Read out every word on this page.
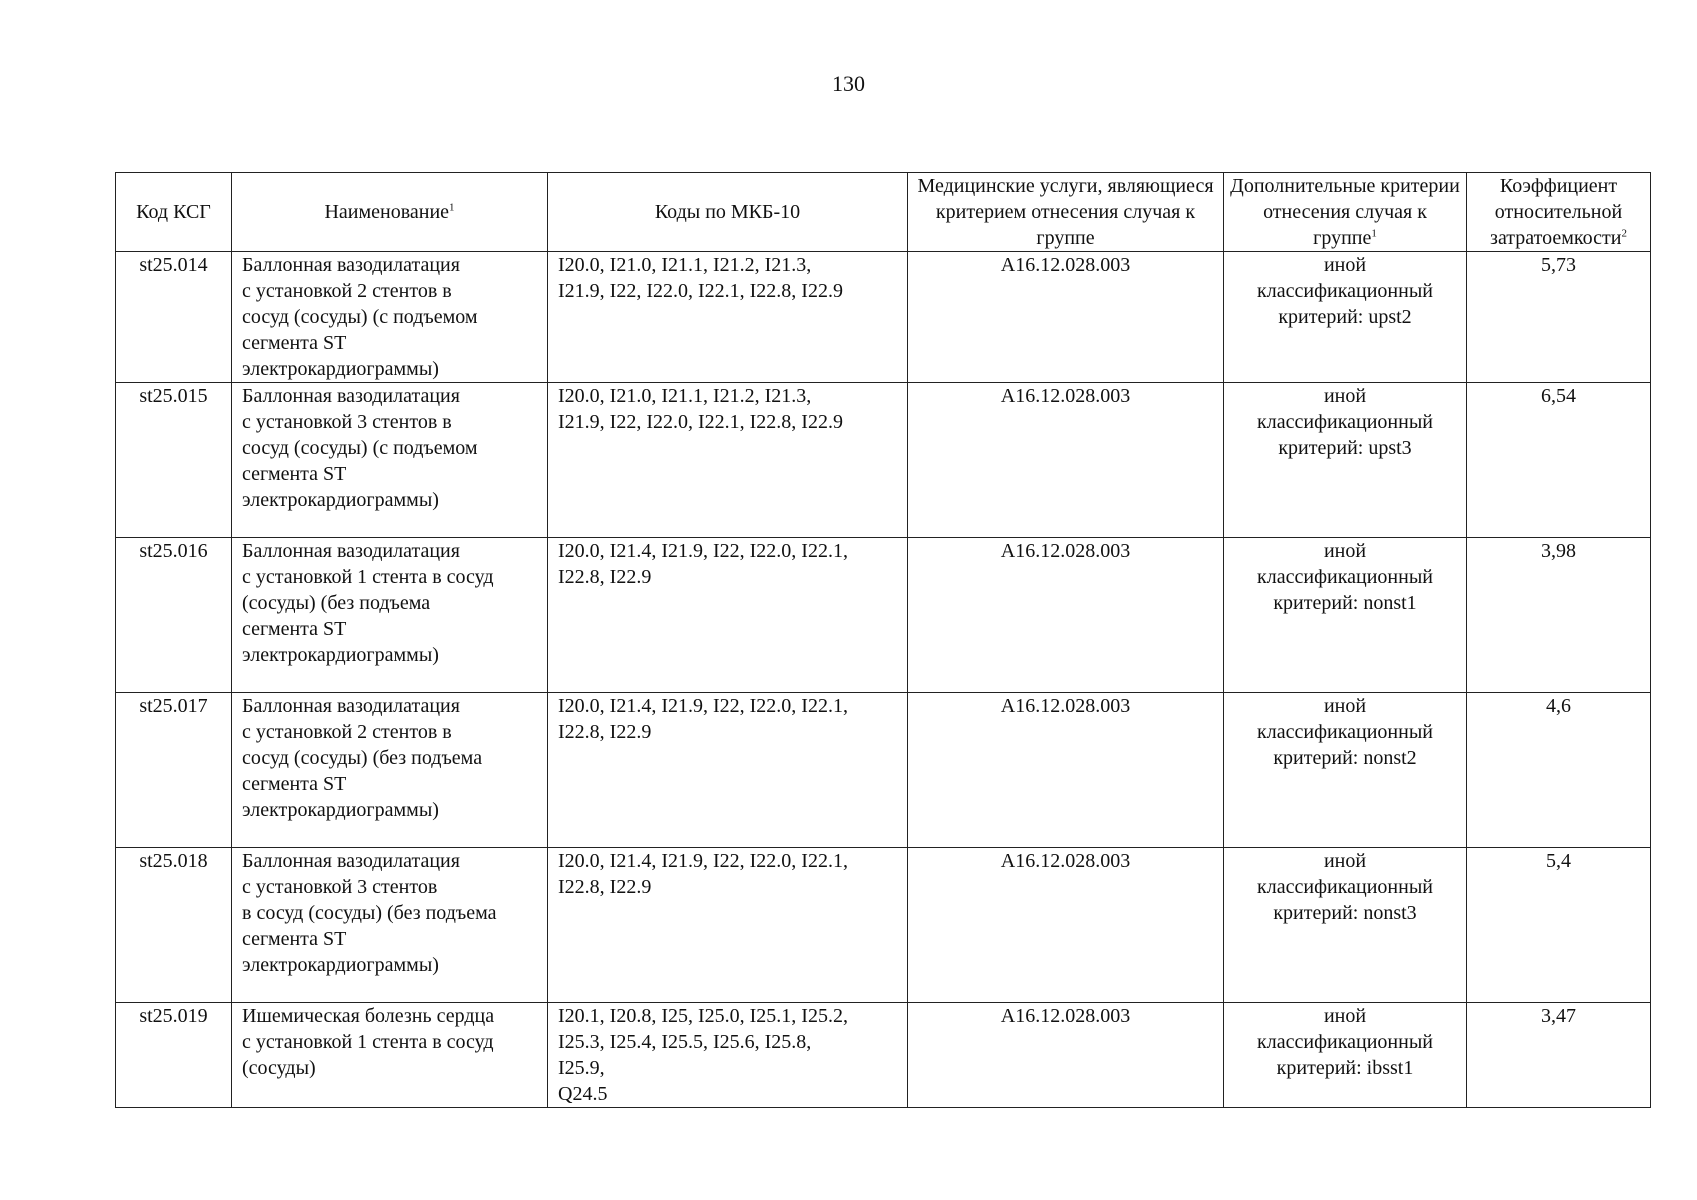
130
Код КСГ	Наименование$^1$	Коды по МКБ-10	Медицинские услуги, являющиеся критерием отнесения случая к группе	Дополнительные критерии отнесения случая к группе$^1$	Коэффициент относительной затратоемкости$^2$
st25.014	Баллонная вазодилатация
с установкой 2 стентов в
сосуд (сосуды) (с подъемом
сегмента ST
электрокардиограммы)	I20.0, I21.0, I21.1, I21.2, I21.3,
I21.9, I22, I22.0, I22.1, I22.8, I22.9	A16.12.028.003	иной
классификационный
критерий: upst2	5,73
st25.015	Баллонная вазодилатация
с установкой 3 стентов в
сосуд (сосуды) (с подъемом
сегмента ST
электрокардиограммы)	I20.0, I21.0, I21.1, I21.2, I21.3,
I21.9, I22, I22.0, I22.1, I22.8, I22.9	A16.12.028.003	иной
классификационный
критерий: upst3	6,54
st25.016	Баллонная вазодилатация
с установкой 1 стента в сосуд
(сосуды) (без подъема
сегмента ST
электрокардиограммы)	I20.0, I21.4, I21.9, I22, I22.0, I22.1,
I22.8, I22.9	A16.12.028.003	иной
классификационный
критерий: nonst1	3,98
st25.017	Баллонная вазодилатация
с установкой 2 стентов в
сосуд (сосуды) (без подъема
сегмента ST
электрокардиограммы)	I20.0, I21.4, I21.9, I22, I22.0, I22.1,
I22.8, I22.9	A16.12.028.003	иной
классификационный
критерий: nonst2	4,6
st25.018	Баллонная вазодилатация
с установкой 3 стентов
в сосуд (сосуды) (без подъема
сегмента ST
электрокардиограммы)	I20.0, I21.4, I21.9, I22, I22.0, I22.1,
I22.8, I22.9	A16.12.028.003	иной
классификационный
критерий: nonst3	5,4
st25.019	Ишемическая болезнь сердца
с установкой 1 стента в сосуд
(сосуды)	I20.1, I20.8, I25, I25.0, I25.1, I25.2,
I25.3, I25.4, I25.5, I25.6, I25.8,
I25.9,
Q24.5	A16.12.028.003	иной
классификационный
критерий: ibsst1	3,47
